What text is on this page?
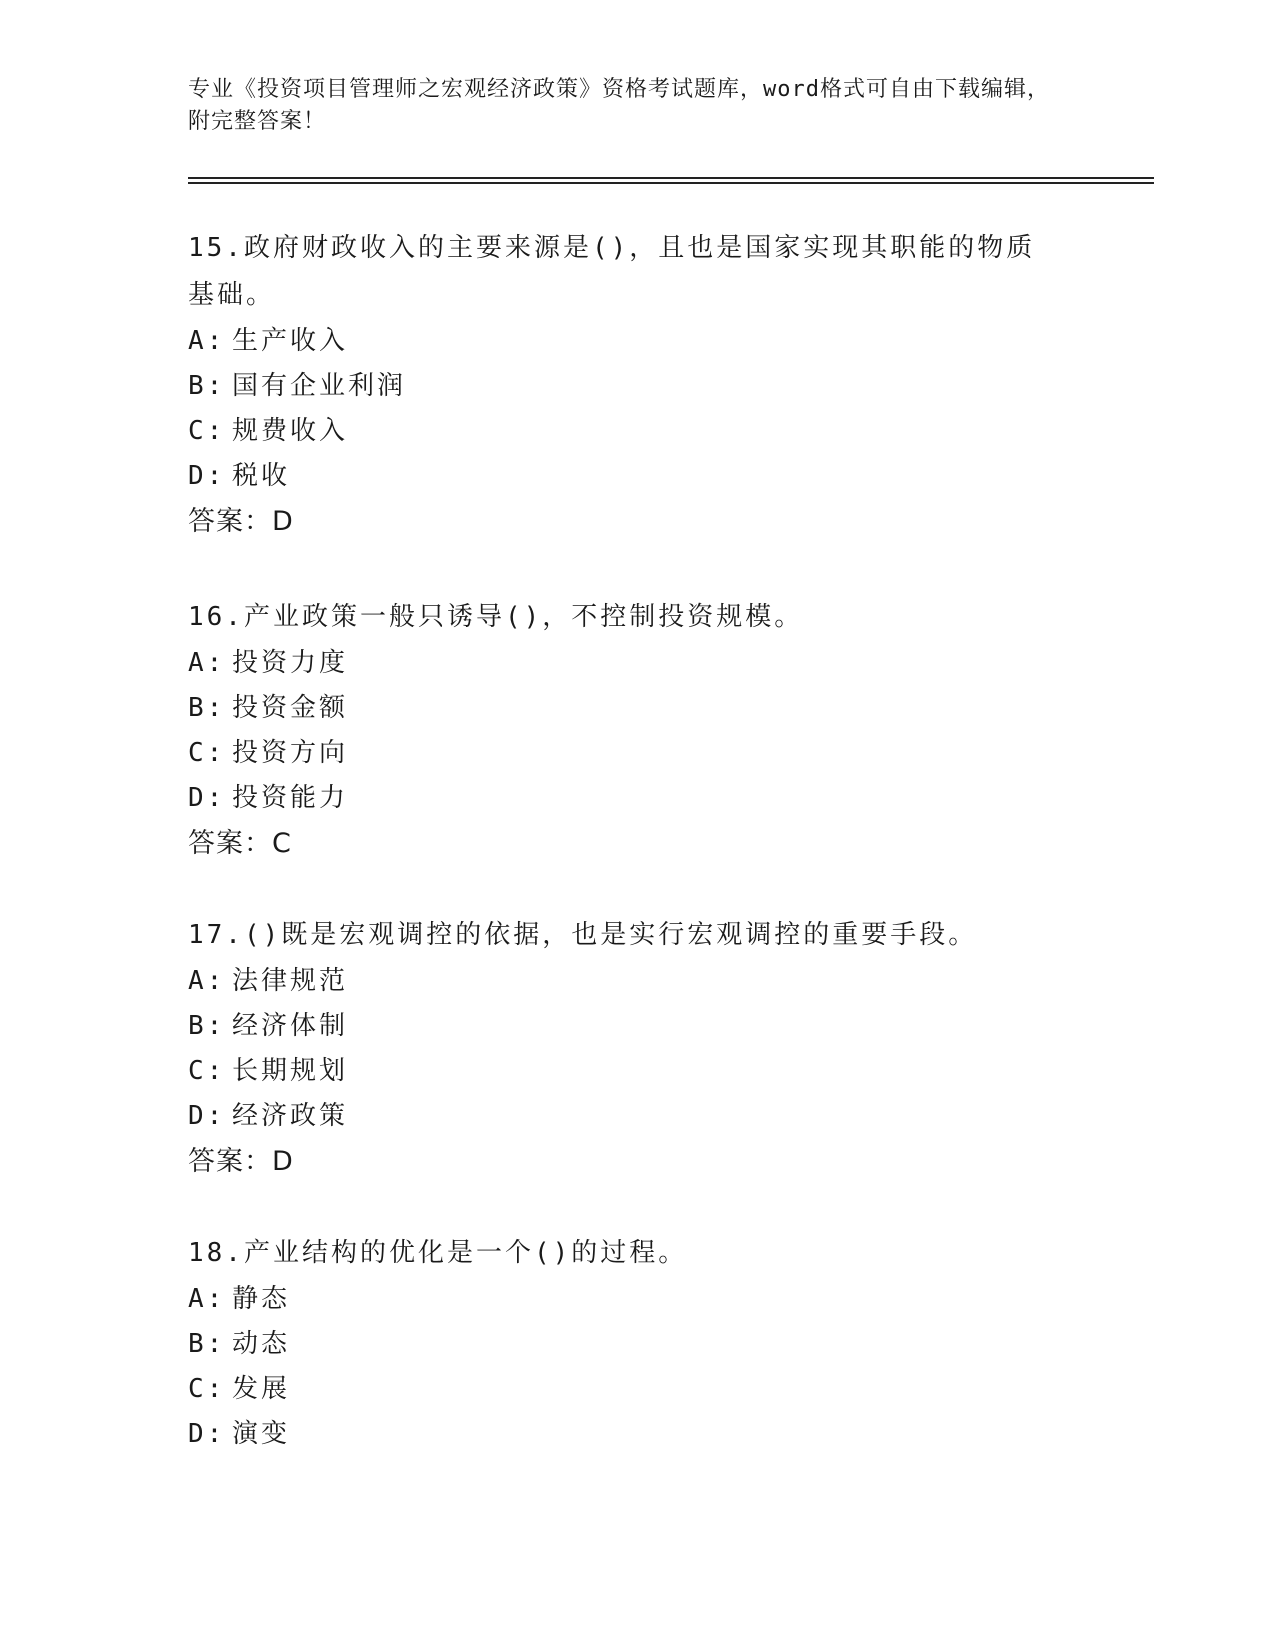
专业《投资项目管理师之宏观经济政策》资格考试题库，word格式可自由下载编辑，附完整答案！
15.政府财政收入的主要来源是()，且也是国家实现其职能的物质基础。
A: 生产收入
B: 国有企业利润
C: 规费收入
D: 税收
答案：D
16.产业政策一般只诱导()，不控制投资规模。
A: 投资力度
B: 投资金额
C: 投资方向
D: 投资能力
答案：C
17.()既是宏观调控的依据，也是实行宏观调控的重要手段。
A: 法律规范
B: 经济体制
C: 长期规划
D: 经济政策
答案：D
18.产业结构的优化是一个()的过程。
A: 静态
B: 动态
C: 发展
D: 演变
